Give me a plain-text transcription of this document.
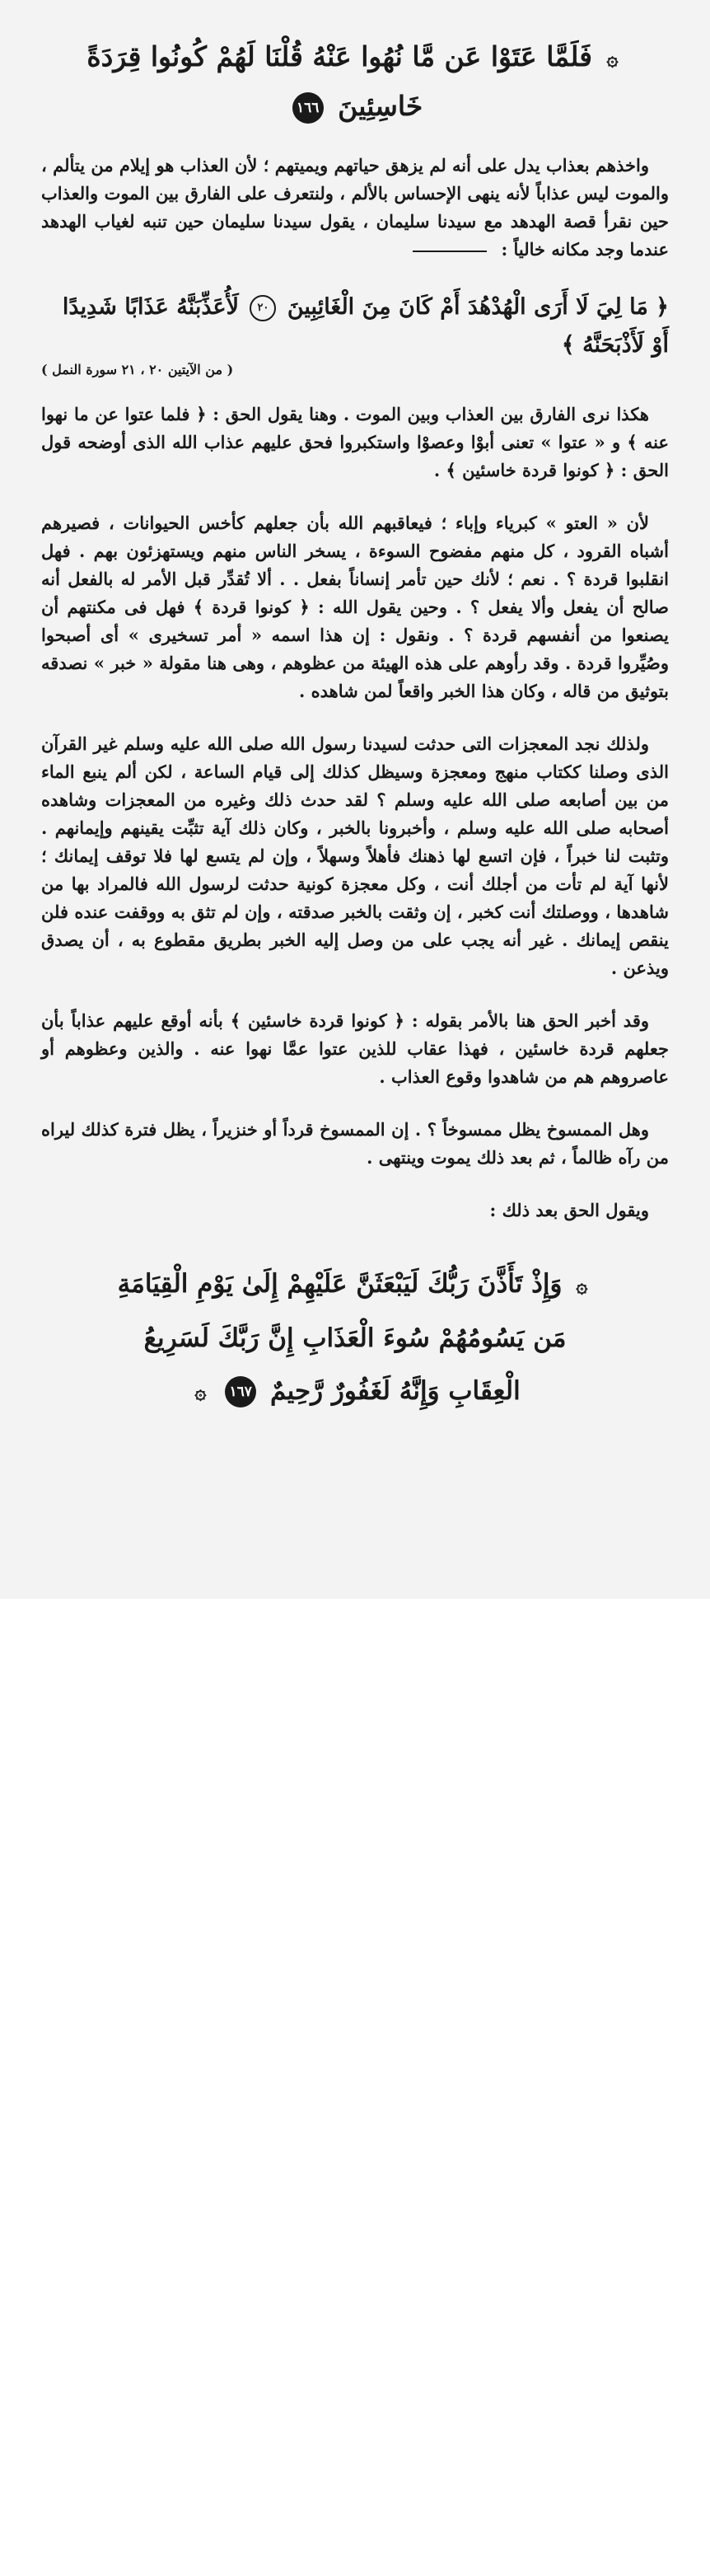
۞ فَلَمَّا عَتَوْا عَن مَّا نُهُوا عَنْهُ قُلْنَا لَهُمْ كُونُوا قِرَدَةً
خَاسِئِينَ ١٦٦

واخذهم بعذاب يدل على أنه لم يزهق حياتهم ويميتهم ؛ لأن العذاب هو إيلام من يتألم ، والموت ليس عذاباً لأنه ينهى الإحساس بالألم ، ولنتعرف على الفارق بين الموت والعذاب حين نقرأ قصة الهدهد مع سيدنا سليمان ، يقول سيدنا سليمان حين تنبه لغياب الهدهد عندما وجد مكانه خالياً :

﴿ مَا لِيَ لَا أَرَى الْهُدْهُدَ أَمْ كَانَ مِنَ الْغَائِبِينَ ٢٠ لَأُعَذِّبَنَّهُ عَذَابًا شَدِيدًا
أَوْ لَأَذْبَحَنَّهُ ﴾
( من الآيتين ٢٠ ، ٢١ سورة النمل )

هكذا نرى الفارق بين العذاب وبين الموت . وهنا يقول الحق : ﴿ فلما عتوا عن ما نهوا عنه ﴾ و « عتوا » تعنى أبوْا وعصوْا واستكبروا فحق عليهم عذاب الله الذى أوضحه قول الحق : ﴿ كونوا قردة خاسئين ﴾ .

لأن « العتو » كبرياء وإباء ؛ فيعاقبهم الله بأن جعلهم كأخس الحيوانات ، فصيرهم أشباه القرود ، كل منهم مفضوح السوءة ، يسخر الناس منهم ويستهزئون بهم . فهل انقلبوا قردة ؟ . نعم ؛ لأنك حين تأمر إنساناً بفعل . . ألا تُقدِّر قبل الأمر له بالفعل أنه صالح أن يفعل وألا يفعل ؟ . وحين يقول الله : ﴿ كونوا قردة ﴾ فهل فى مكنتهم أن يصنعوا من أنفسهم قردة ؟ . ونقول : إن هذا اسمه « أمر تسخيرى » أى أصبحوا وصُيِّروا قردة . وقد رأوهم على هذه الهيئة من عظوهم ، وهى هنا مقولة « خبر » نصدقه بتوثيق من قاله ، وكان هذا الخبر واقعاً لمن شاهده .

ولذلك نجد المعجزات التى حدثت لسيدنا رسول الله صلى الله عليه وسلم غير القرآن الذى وصلنا ككتاب منهج ومعجزة وسيظل كذلك إلى قيام الساعة ، لكن ألم ينبع الماء من بين أصابعه صلى الله عليه وسلم ؟ لقد حدث ذلك وغيره من المعجزات وشاهده أصحابه صلى الله عليه وسلم ، وأخبرونا بالخبر ، وكان ذلك آية تثبِّت يقينهم وإيمانهم . وتثبت لنا خبراً ، فإن اتسع لها ذهنك فأهلاً وسهلاً ، وإن لم يتسع لها فلا توقف إيمانك ؛ لأنها آية لم تأت من أجلك أنت ، وكل معجزة كونية حدثت لرسول الله فالمراد بها من شاهدها ، ووصلتك أنت كخبر ، إن وثقت بالخبر صدقته ، وإن لم تثق به ووقفت عنده فلن ينقص إيمانك . غير أنه يجب على من وصل إليه الخبر بطريق مقطوع به ، أن يصدق ويذعن .

وقد أخبر الحق هنا بالأمر بقوله : ﴿ كونوا قردة خاسئين ﴾ بأنه أوقع عليهم عذاباً بأن جعلهم قردة خاسئين ، فهذا عقاب للذين عتوا عمَّا نهوا عنه . والذين وعظوهم أو عاصروهم هم من شاهدوا وقوع العذاب .

وهل الممسوخ يظل ممسوخاً ؟ . إن الممسوخ قرداً أو خنزيراً ، يظل فترة كذلك ليراه من رآه ظالماً ، ثم بعد ذلك يموت وينتهى .

ويقول الحق بعد ذلك :

۞ وَإِذْ تَأَذَّنَ رَبُّكَ لَيَبْعَثَنَّ عَلَيْهِمْ إِلَىٰ يَوْمِ الْقِيَامَةِ
مَن يَسُومُهُمْ سُوءَ الْعَذَابِ إِنَّ رَبَّكَ لَسَرِيعُ
الْعِقَابِ وَإِنَّهُ لَغَفُورٌ رَّحِيمٌ ١٦٧ ۞
